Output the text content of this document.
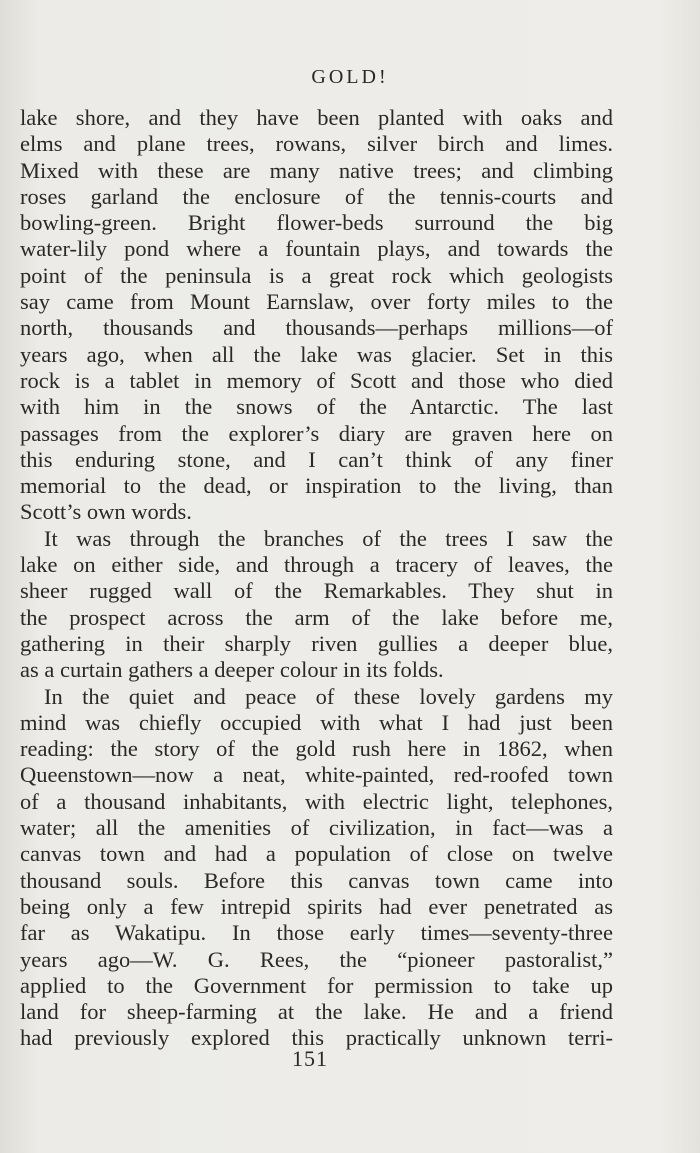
GOLD!
lake shore, and they have been planted with oaks and
elms and plane trees, rowans, silver birch and limes.
Mixed with these are many native trees; and climbing
roses garland the enclosure of the tennis-courts and
bowling-green. Bright flower-beds surround the big
water-lily pond where a fountain plays, and towards the
point of the peninsula is a great rock which geologists
say came from Mount Earnslaw, over forty miles to the
north, thousands and thousands—perhaps millions—of
years ago, when all the lake was glacier. Set in this
rock is a tablet in memory of Scott and those who died
with him in the snows of the Antarctic. The last
passages from the explorer’s diary are graven here on
this enduring stone, and I can’t think of any finer
memorial to the dead, or inspiration to the living, than
Scott’s own words.
It was through the branches of the trees I saw the
lake on either side, and through a tracery of leaves, the
sheer rugged wall of the Remarkables. They shut in
the prospect across the arm of the lake before me,
gathering in their sharply riven gullies a deeper blue,
as a curtain gathers a deeper colour in its folds.
In the quiet and peace of these lovely gardens my
mind was chiefly occupied with what I had just been
reading: the story of the gold rush here in 1862, when
Queenstown—now a neat, white-painted, red-roofed town
of a thousand inhabitants, with electric light, telephones,
water; all the amenities of civilization, in fact—was a
canvas town and had a population of close on twelve
thousand souls. Before this canvas town came into
being only a few intrepid spirits had ever penetrated as
far as Wakatipu. In those early times—seventy-three
years ago—W. G. Rees, the “pioneer pastoralist,”
applied to the Government for permission to take up
land for sheep-farming at the lake. He and a friend
had previously explored this practically unknown terri-
151
